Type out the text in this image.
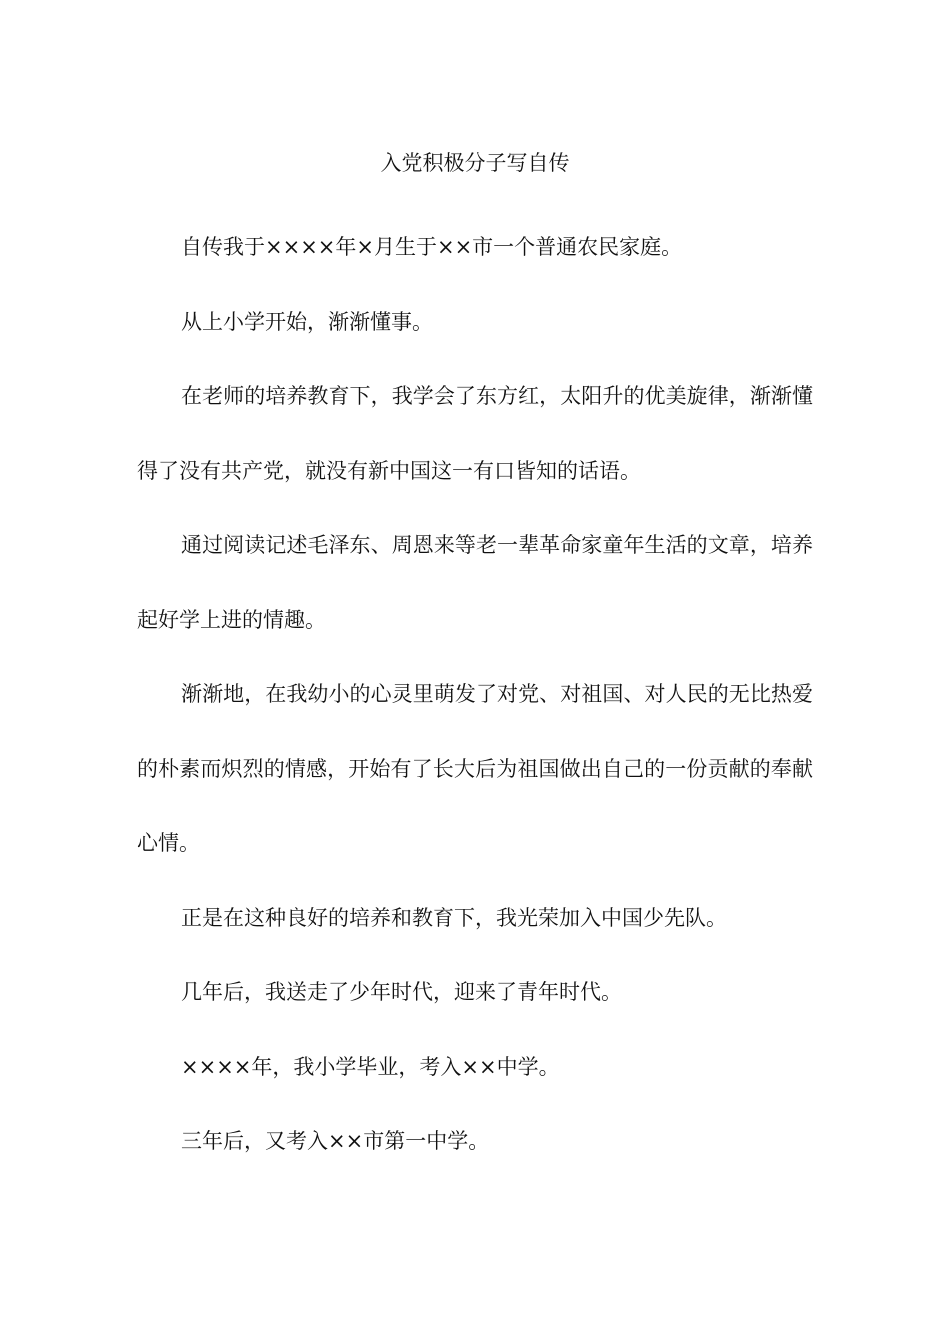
入党积极分子写自传

自传我于××××年×月生于××市一个普通农民家庭。

从上小学开始，渐渐懂事。

在老师的培养教育下，我学会了东方红，太阳升的优美旋律，渐渐懂得了没有共产党，就没有新中国这一有口皆知的话语。

通过阅读记述毛泽东、周恩来等老一辈革命家童年生活的文章，培养起好学上进的情趣。

渐渐地，在我幼小的心灵里萌发了对党、对祖国、对人民的无比热爱的朴素而炽烈的情感，开始有了长大后为祖国做出自己的一份贡献的奉献心情。

正是在这种良好的培养和教育下，我光荣加入中国少先队。

几年后，我送走了少年时代，迎来了青年时代。

××××年，我小学毕业，考入××中学。

三年后，又考入××市第一中学。
